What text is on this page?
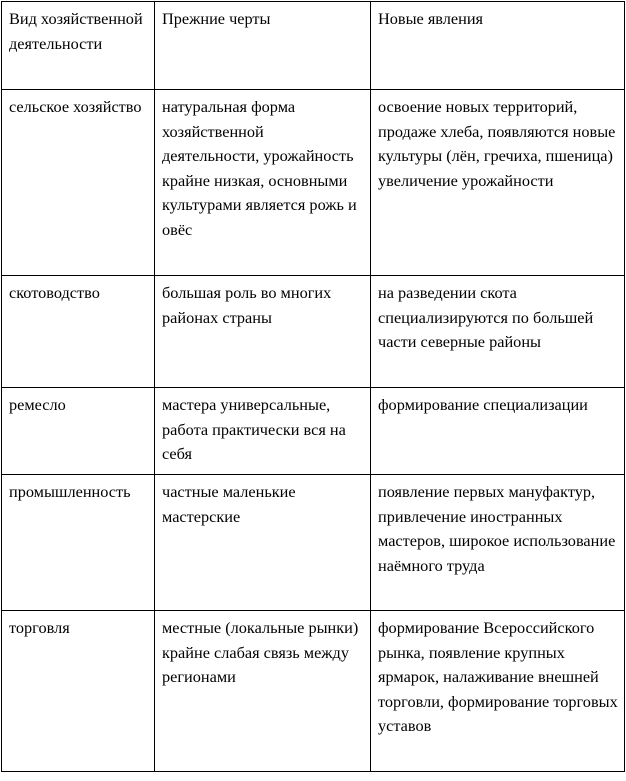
Вид хозяйственной деятельности	Прежние черты	Новые явления

сельское хозяйство	натуральная форма хозяйственной деятельности, урожайность крайне низкая, основными культурами является рожь и овёс	освоение новых территорий, продаже хлеба, появляются новые культуры (лён, гречиха, пшеница) увеличение урожайности

скотоводство	большая роль во многих районах страны	на разведении скота специализируются по большей части северные районы

ремесло	мастера универсальные, работа практически вся на себя	формирование специализации

промышленность	частные маленькие мастерские	появление первых мануфактур, привлечение иностранных мастеров, широкое использование наёмного труда

торговля	местные (локальные рынки) крайне слабая связь между регионами	формирование Всероссийского рынка, появление крупных ярмарок, налаживание внешней торговли, формирование торговых уставов
